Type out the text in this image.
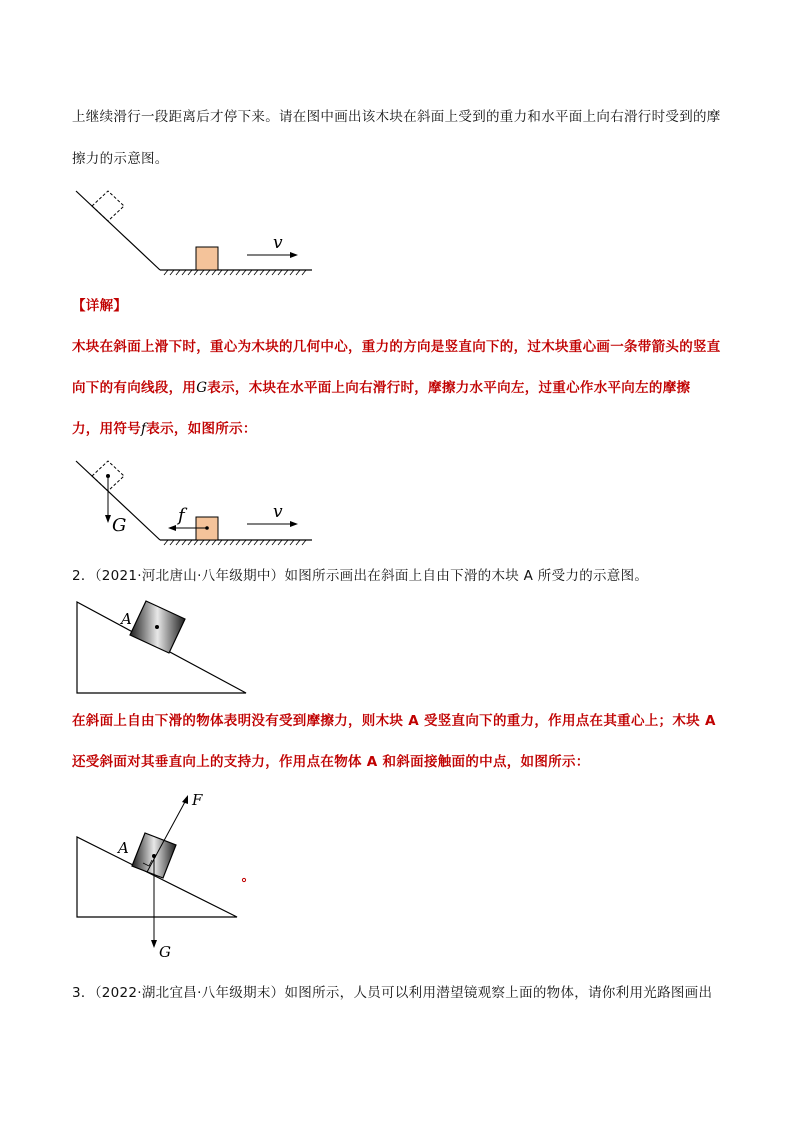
上继续滑行一段距离后才停下来。请在图中画出该木块在斜面上受到的重力和水平面上向右滑行时受到的摩
擦力的示意图。
v
【详解】
木块在斜面上滑下时，重心为木块的几何中心，重力的方向是竖直向下的，过木块重心画一条带箭头的竖直
向下的有向线段，用G表示，木块在水平面上向右滑行时，摩擦力水平向左，过重心作水平向左的摩擦
力，用符号f表示，如图所示：
G	f	v
2．（2021·河北唐山·八年级期中）如图所示画出在斜面上自由下滑的木块 A 所受力的示意图。
A
在斜面上自由下滑的物体表明没有受到摩擦力，则木块 A 受竖直向下的重力，作用点在其重心上；木块 A
还受斜面对其垂直向上的支持力，作用点在物体 A 和斜面接触面的中点，如图所示：
A
F
G
3．（2022·湖北宜昌·八年级期末）如图所示，人员可以利用潜望镜观察上面的物体，请你利用光路图画出
